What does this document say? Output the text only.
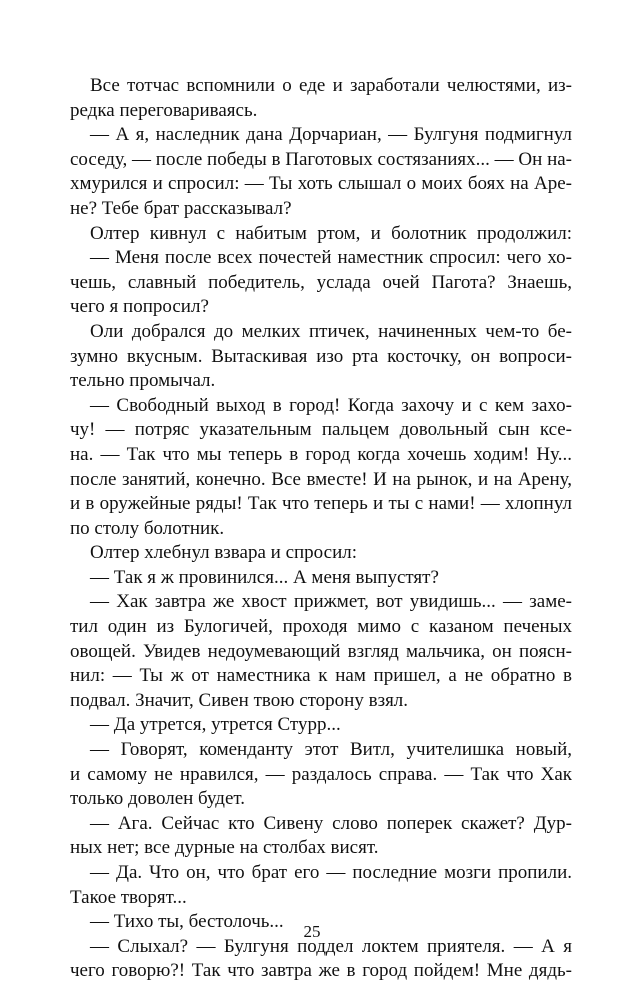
Все тотчас вспомнили о еде и заработали челюстями, из-
редка переговариваясь.
— А я, наследник дана Дорчариан, — Булгуня подмигнул
соседу, — после победы в Паготовых состязаниях... — Он на-
хмурился и спросил: — Ты хоть слышал о моих боях на Аре-
не? Тебе брат рассказывал?
Олтер кивнул с набитым ртом, и болотник продолжил:
— Меня после всех почестей наместник спросил: чего хо-
чешь, славный победитель, услада очей Пагота? Знаешь,
чего я попросил?
Оли добрался до мелких птичек, начиненных чем-то бе-
зумно вкусным. Вытаскивая изо рта косточку, он вопроси-
тельно промычал.
— Свободный выход в город! Когда захочу и с кем захо-
чу! — потряс указательным пальцем довольный сын ксе-
на. — Так что мы теперь в город когда хочешь ходим! Ну...
после занятий, конечно. Все вместе! И на рынок, и на Арену,
и в оружейные ряды! Так что теперь и ты с нами! — хлопнул
по столу болотник.
Олтер хлебнул взвара и спросил:
— Так я ж провинился... А меня выпустят?
— Хак завтра же хвост прижмет, вот увидишь... — заме-
тил один из Булогичей, проходя мимо с казаном печеных
овощей. Увидев недоумевающий взгляд мальчика, он поясн-
нил: — Ты ж от наместника к нам пришел, а не обратно в
подвал. Значит, Сивен твою сторону взял.
— Да утрется, утрется Стурр...
— Говорят, коменданту этот Витл, учителишка новый,
и самому не нравился, — раздалось справа. — Так что Хак
только доволен будет.
— Ага. Сейчас кто Сивену слово поперек скажет? Дур-
ных нет; все дурные на столбах висят.
— Да. Что он, что брат его — последние мозги пропили.
Такое творят...
— Тихо ты, бестолочь...
— Слыхал? — Булгуня поддел локтем приятеля. — А я
чего говорю?! Так что завтра же в город пойдем! Мне дядь-
25
